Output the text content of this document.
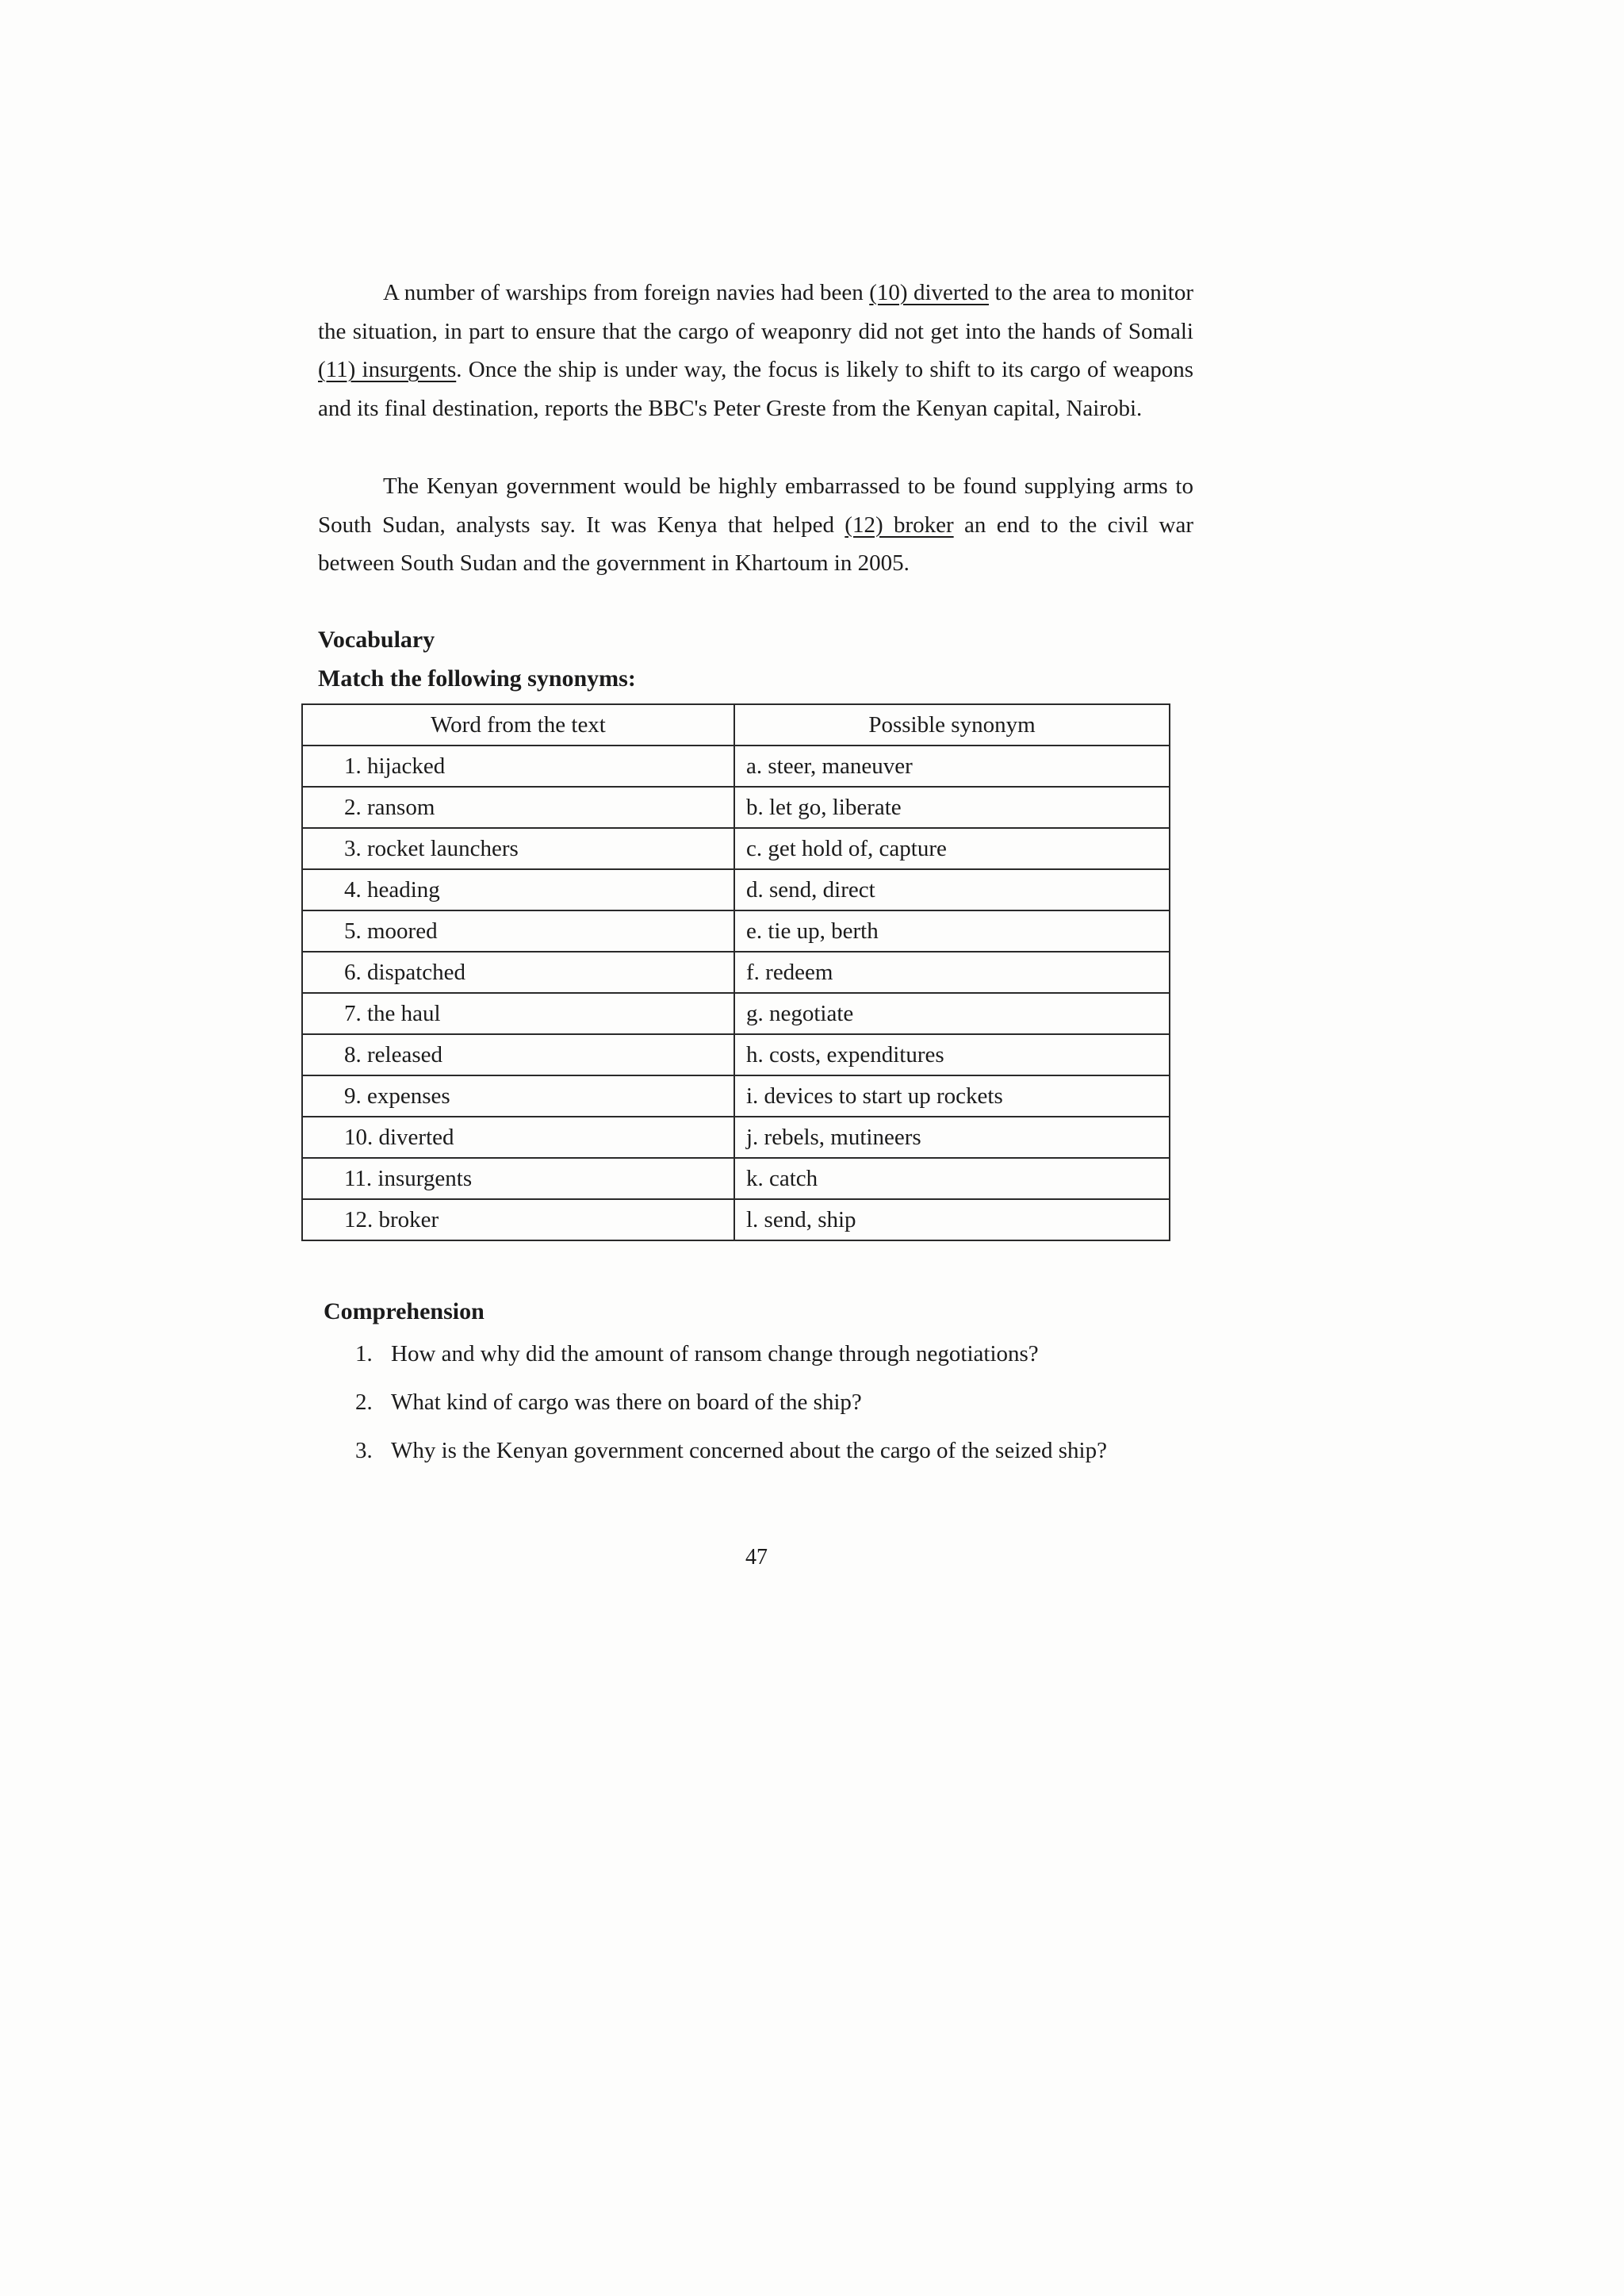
A number of warships from foreign navies had been (10) diverted to the area to monitor the situation, in part to ensure that the cargo of weaponry did not get into the hands of Somali (11) insurgents. Once the ship is under way, the focus is likely to shift to its cargo of weapons and its final destination, reports the BBC's Peter Greste from the Kenyan capital, Nairobi.

The Kenyan government would be highly embarrassed to be found supplying arms to South Sudan, analysts say. It was Kenya that helped (12) broker an end to the civil war between South Sudan and the government in Khartoum in 2005.

Vocabulary
Match the following synonyms:
Word from the text	Possible synonym
1. hijacked	a. steer, maneuver
2. ransom	b. let go, liberate
3. rocket launchers	c. get hold of, capture
4. heading	d. send, direct
5. moored	e. tie up, berth
6. dispatched	f. redeem
7. the haul	g. negotiate
8. released	h. costs, expenditures
9. expenses	i. devices to start up rockets
10. diverted	j. rebels, mutineers
11. insurgents	k. catch
12. broker	l. send, ship
Comprehension
1. How and why did the amount of ransom change through negotiations?
2. What kind of cargo was there on board of the ship?
3. Why is the Kenyan government concerned about the cargo of the seized ship?
47
